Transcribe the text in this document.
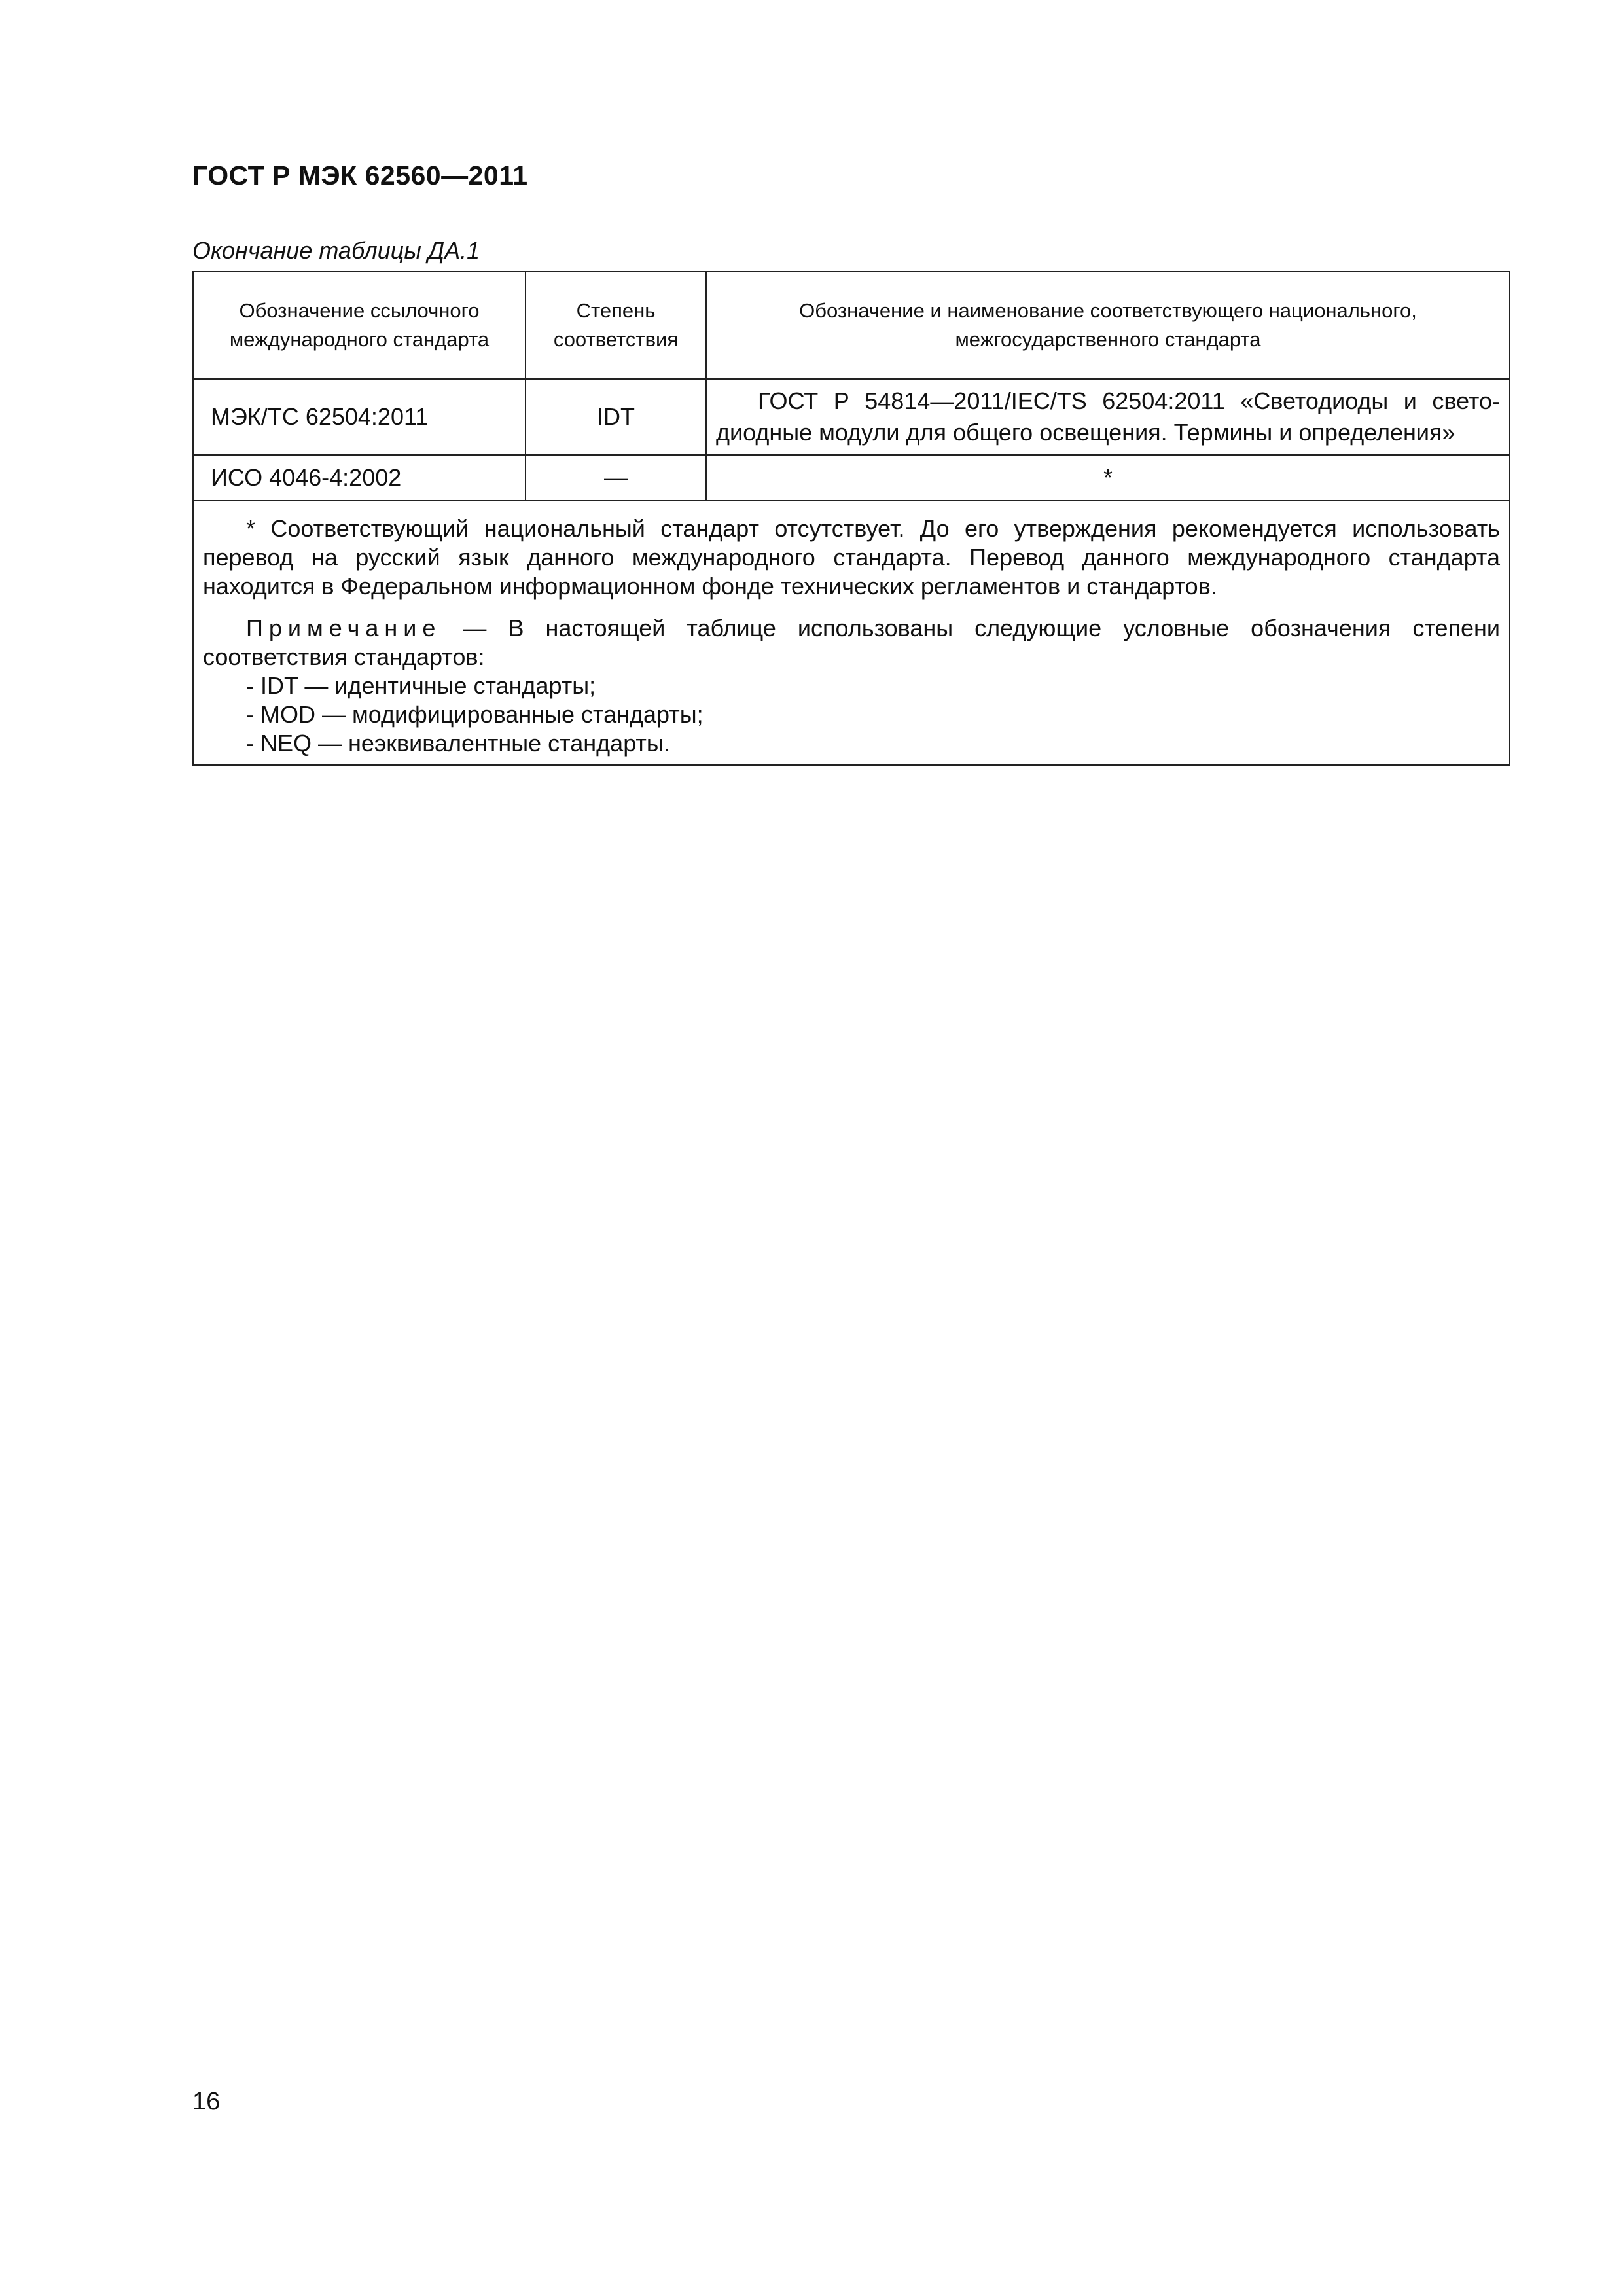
ГОСТ Р МЭК 62560—2011
Окончание таблицы ДА.1
Обозначение ссылочного международного стандарта	Степень соответствия	Обозначение и наименование соответствующего национального, межгосударственного стандарта
МЭК/ТС 62504:2011	IDT	ГОСТ Р 54814—2011/IEC/TS 62504:2011 «Светодиоды и свето-диодные модули для общего освещения. Термины и определения»

ИСО 4046-4:2002	—	*

* Соответствующий национальный стандарт отсутствует. До его утверждения рекомендуется использовать перевод на русский язык данного международного стандарта. Перевод данного международного стандарта находится в Федеральном информационном фонде технических регламентов и стандартов.

Примечание — В настоящей таблице использованы следующие условные обозначения степени соответствия стандартов:

- IDT — идентичные стандарты;

- MOD — модифицированные стандарты;

- NEQ — неэквивалентные стандарты.		

16
